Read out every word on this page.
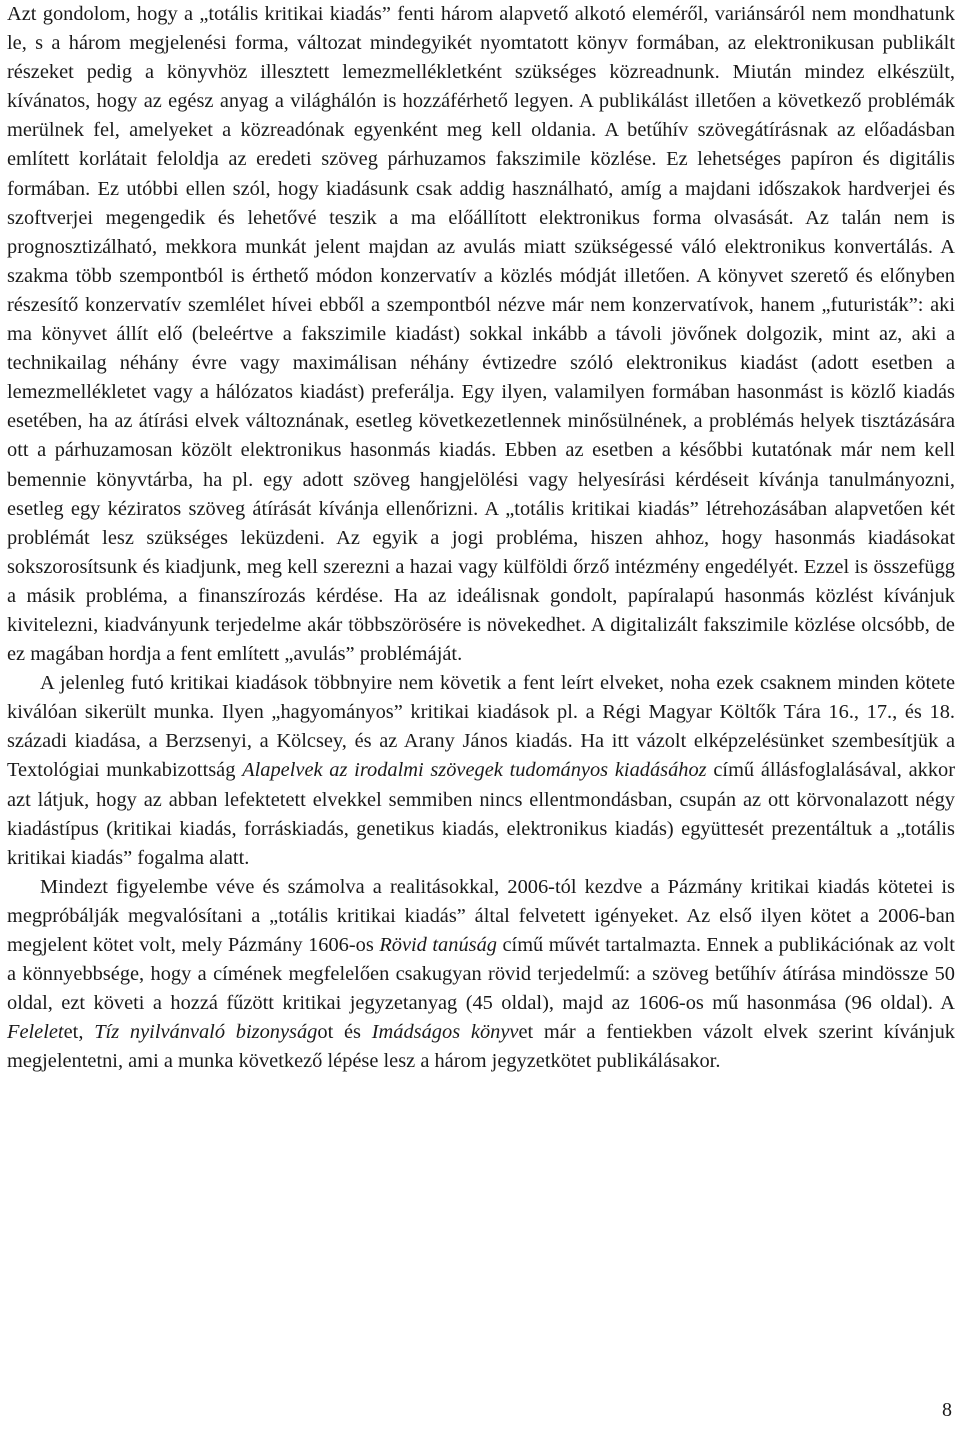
Azt gondolom, hogy a „totális kritikai kiadás” fenti három alapvető alkotó eleméről, variánsáról nem mondhatunk le, s a három megjelenési forma, változat mindegyikét nyomtatott könyv formában, az elektronikusan publikált részeket pedig a könyvhöz illesztett lemezmellékletként szükséges közreadnunk. Miután mindez elkészült, kívánatos, hogy az egész anyag a világhálón is hozzáférhető legyen. A publikálást illetően a következő problémák merülnek fel, amelyeket a közreadónak egyenként meg kell oldania. A betűhív szövegátírásnak az előadásban említett korlátait feloldja az eredeti szöveg párhuzamos fakszimile közlése. Ez lehetséges papíron és digitális formában. Ez utóbbi ellen szól, hogy kiadásunk csak addig használható, amíg a majdani időszakok hardverjei és szoftverjei megengedik és lehetővé teszik a ma előállított elektronikus forma olvasását. Az talán nem is prognosztizálható, mekkora munkát jelent majdan az avulás miatt szükségessé váló elektronikus konvertálás. A szakma több szempontból is érthető módon konzervatív a közlés módját illetően. A könyvet szerető és előnyben részesítő konzervatív szemlélet hívei ebből a szempontból nézve már nem konzervatívok, hanem „futuristák”: aki ma könyvet állít elő (beleértve a fakszimile kiadást) sokkal inkább a távoli jövőnek dolgozik, mint az, aki a technikailag néhány évre vagy maximálisan néhány évtizedre szóló elektronikus kiadást (adott esetben a lemezmellékletet vagy a hálózatos kiadást) preferálja. Egy ilyen, valamilyen formában hasonmást is közlő kiadás esetében, ha az átírási elvek változnának, esetleg következetlennek minősülnének, a problémás helyek tisztázására ott a párhuzamosan közölt elektronikus hasonmás kiadás. Ebben az esetben a későbbi kutatónak már nem kell bemennie könyvtárba, ha pl. egy adott szöveg hangjelölési vagy helyesírási kérdéseit kívánja tanulmányozni, esetleg egy kéziratos szöveg átírását kívánja ellenőrizni. A „totális kritikai kiadás” létrehozásában alapvetően két problémát lesz szükséges leküzdeni. Az egyik a jogi probléma, hiszen ahhoz, hogy hasonmás kiadásokat sokszorosítsunk és kiadjunk, meg kell szerezni a hazai vagy külföldi őrző intézmény engedélyét. Ezzel is összefügg a másik probléma, a finanszírozás kérdése. Ha az ideálisnak gondolt, papíralapú hasonmás közlést kívánjuk kivitelezni, kiadványunk terjedelme akár többszörösére is növekedhet. A digitalizált fakszimile közlése olcsóbb, de ez magában hordja a fent említett „avulás” problémáját.

A jelenleg futó kritikai kiadások többnyire nem követik a fent leírt elveket, noha ezek csaknem minden kötete kiválóan sikerült munka. Ilyen „hagyományos” kritikai kiadások pl. a Régi Magyar Költők Tára 16., 17., és 18. századi kiadása, a Berzsenyi, a Kölcsey, és az Arany János kiadás. Ha itt vázolt elképzelésünket szembesítjük a Textológiai munkabizottság Alapelvek az irodalmi szövegek tudományos kiadásához című állásfoglalásával, akkor azt látjuk, hogy az abban lefektetett elvekkel semmiben nincs ellentmondásban, csupán az ott körvonalazott négy kiadástípus (kritikai kiadás, forráskiadás, genetikus kiadás, elektronikus kiadás) együttesét prezentáltuk a „totális kritikai kiadás” fogalma alatt.

Mindezt figyelembe véve és számolva a realitásokkal, 2006-tól kezdve a Pázmány kritikai kiadás kötetei is megpróbálják megvalósítani a „totális kritikai kiadás” által felvetett igényeket. Az első ilyen kötet a 2006-ban megjelent kötet volt, mely Pázmány 1606-os Rövid tanúság című művét tartalmazta. Ennek a publikációnak az volt a könnyebbsége, hogy a címének megfelelően csakugyan rövid terjedelmű: a szöveg betűhív átírása mindössze 50 oldal, ezt követi a hozzá fűzött kritikai jegyzetanyag (45 oldal), majd az 1606-os mű hasonmása (96 oldal). A Feleletet, Tíz nyilvánvaló bizonyságot és Imádságos könyvet már a fentiekben vázolt elvek szerint kívánjuk megjelentetni, ami a munka következő lépése lesz a három jegyzetkötet publikálásakor.

8
